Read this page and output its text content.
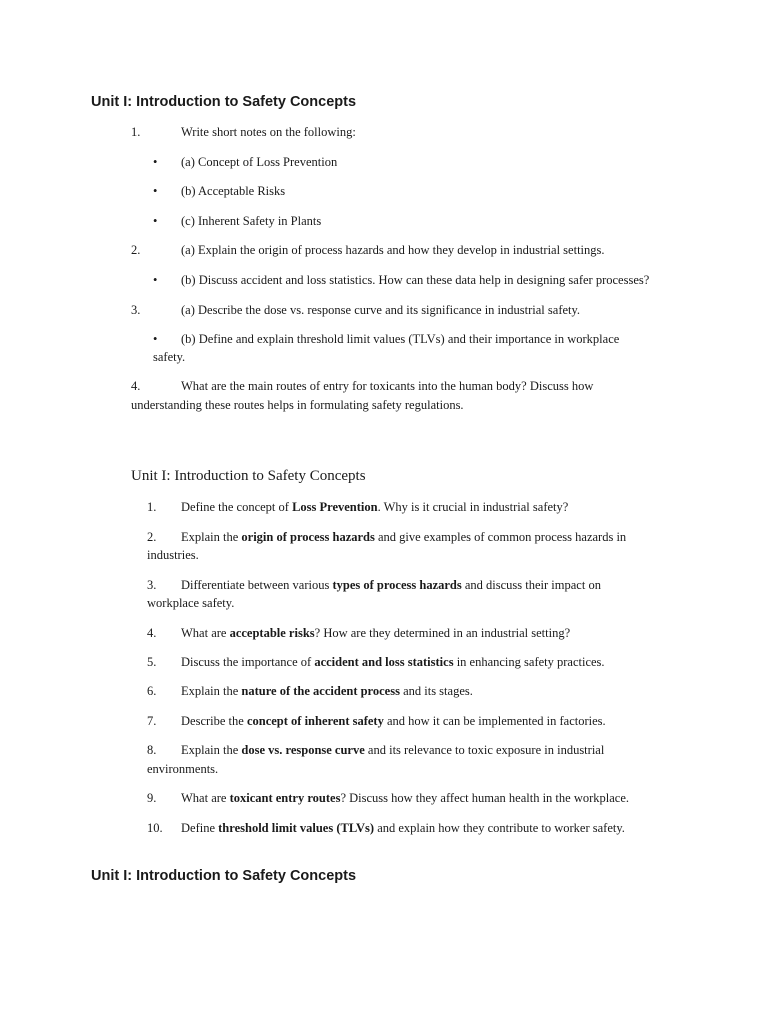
Unit I: Introduction to Safety Concepts
1.	Write short notes on the following:
• (a) Concept of Loss Prevention
• (b) Acceptable Risks
• (c) Inherent Safety in Plants
2.	(a) Explain the origin of process hazards and how they develop in industrial settings.
• (b) Discuss accident and loss statistics. How can these data help in designing safer processes?
3.	(a) Describe the dose vs. response curve and its significance in industrial safety.
• (b) Define and explain threshold limit values (TLVs) and their importance in workplace
safety.
4.	What are the main routes of entry for toxicants into the human body? Discuss how
understanding these routes helps in formulating safety regulations.
Unit I: Introduction to Safety Concepts
1. Define the concept of Loss Prevention. Why is it crucial in industrial safety?
2. Explain the origin of process hazards and give examples of common process hazards in
industries.
3. Differentiate between various types of process hazards and discuss their impact on
workplace safety.
4. What are acceptable risks? How are they determined in an industrial setting?
5. Discuss the importance of accident and loss statistics in enhancing safety practices.
6. Explain the nature of the accident process and its stages.
7. Describe the concept of inherent safety and how it can be implemented in factories.
8. Explain the dose vs. response curve and its relevance to toxic exposure in industrial
environments.
9. What are toxicant entry routes? Discuss how they affect human health in the workplace.
10. Define threshold limit values (TLVs) and explain how they contribute to worker safety.
Unit I: Introduction to Safety Concepts
